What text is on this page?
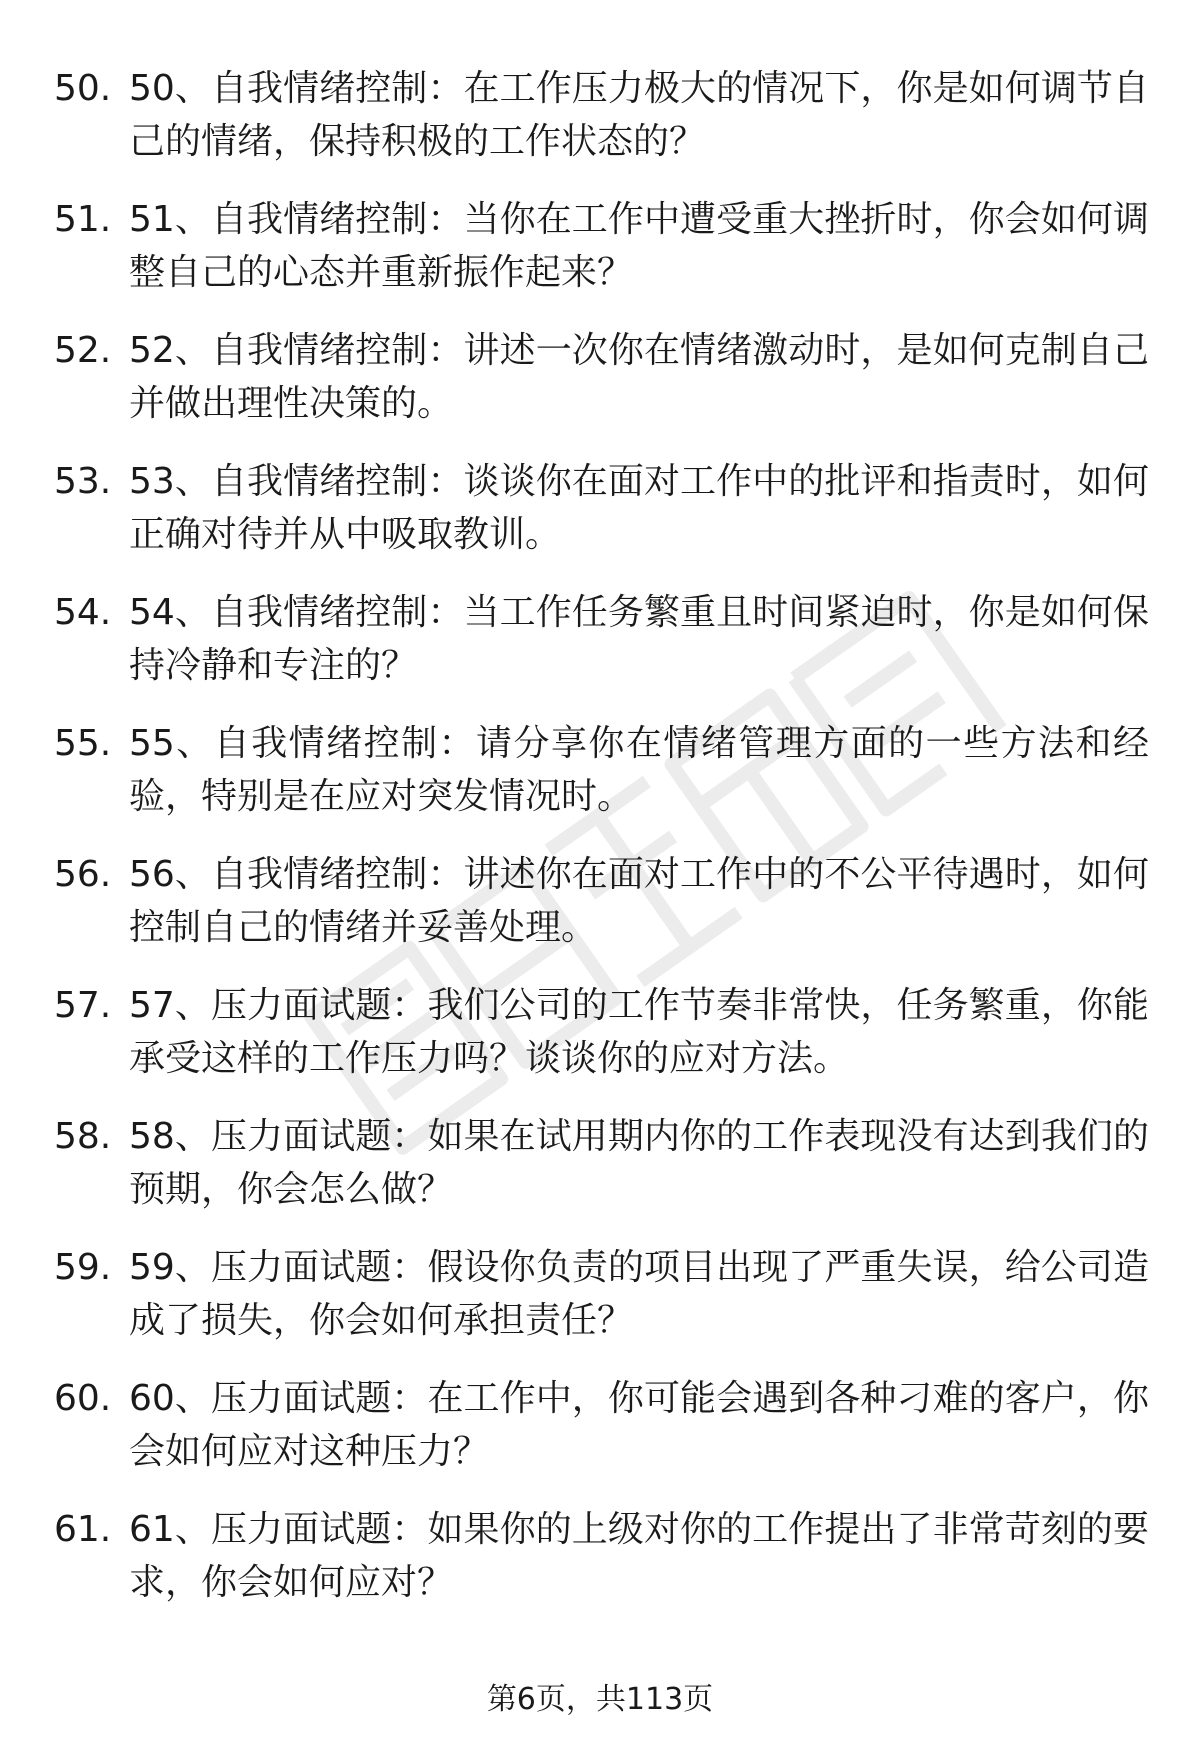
50. 50、自我情绪控制：在工作压力极大的情况下，你是如何调节自己的情绪，保持积极的工作状态的？
51. 51、自我情绪控制：当你在工作中遭受重大挫折时，你会如何调整自己的心态并重新振作起来？
52. 52、自我情绪控制：讲述一次你在情绪激动时，是如何克制自己并做出理性决策的。
53. 53、自我情绪控制：谈谈你在面对工作中的批评和指责时，如何正确对待并从中吸取教训。
54. 54、自我情绪控制：当工作任务繁重且时间紧迫时，你是如何保持冷静和专注的？
55. 55、自我情绪控制：请分享你在情绪管理方面的一些方法和经验，特别是在应对突发情况时。
56. 56、自我情绪控制：讲述你在面对工作中的不公平待遇时，如何控制自己的情绪并妥善处理。
57. 57、压力面试题：我们公司的工作节奏非常快，任务繁重，你能承受这样的工作压力吗？谈谈你的应对方法。
58. 58、压力面试题：如果在试用期内你的工作表现没有达到我们的预期，你会怎么做？
59. 59、压力面试题：假设你负责的项目出现了严重失误，给公司造成了损失，你会如何承担责任？
60. 60、压力面试题：在工作中，你可能会遇到各种刁难的客户，你会如何应对这种压力？
61. 61、压力面试题：如果你的上级对你的工作提出了非常苛刻的要求，你会如何应对？
第6页，共113页
